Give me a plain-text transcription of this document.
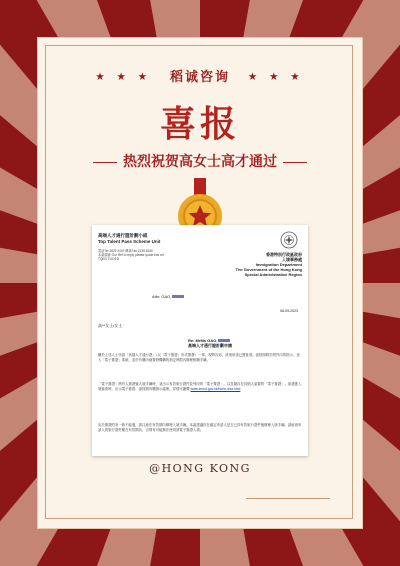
★ ★ ★ 稻诚咨询 ★ ★ ★
喜报
热烈祝贺高女士高才通过
高端人才通行證計劃小組
Top Talent Pass Scheme Unit
電話Tel 2829 3447 傳真Fax 2135 5240
本處檔號 Our Ref In reply please quote this ref
TQEN TLIDED
香港特別行政區政府
入境事務處
Immigration Department
The Government of the Hong Kong
Special Administrative Region
Attn: GAO,
06-09-2023
高**女士/女士：
Re: MrMs GAO,
高端人才通行證計劃申請
關於上述人士申請「高端人才通行證」（以「電子簽證」形式簽發）一事，現特告知，該項申請已獲批准。請按照附於附件內的指示，登入「電子簽證」系統，並於有關內地簽發機構的指定時限內辦理相關手續。
「電子簽證」將有人簽證號人境手續時，須出示有效旅行證件及列印的「電子簽證」。以及儲存在其個人裝置的「電子簽證」。如遇進入境檢查時，出示電子簽證、請按照有關指示處理。詳情可瀏覽 www.immd.gov.hk/hkt/e-visa.html
由於簽證的有一般不能過，請注意在有效期內辦理入境手續。本處建議你在確定申請人是否已持有效旅行證件後辦理入境手續。請留意申請人的旅行證件應在有效期內，否則有可能無法使用該電子簽證入境。
@HONG KONG
